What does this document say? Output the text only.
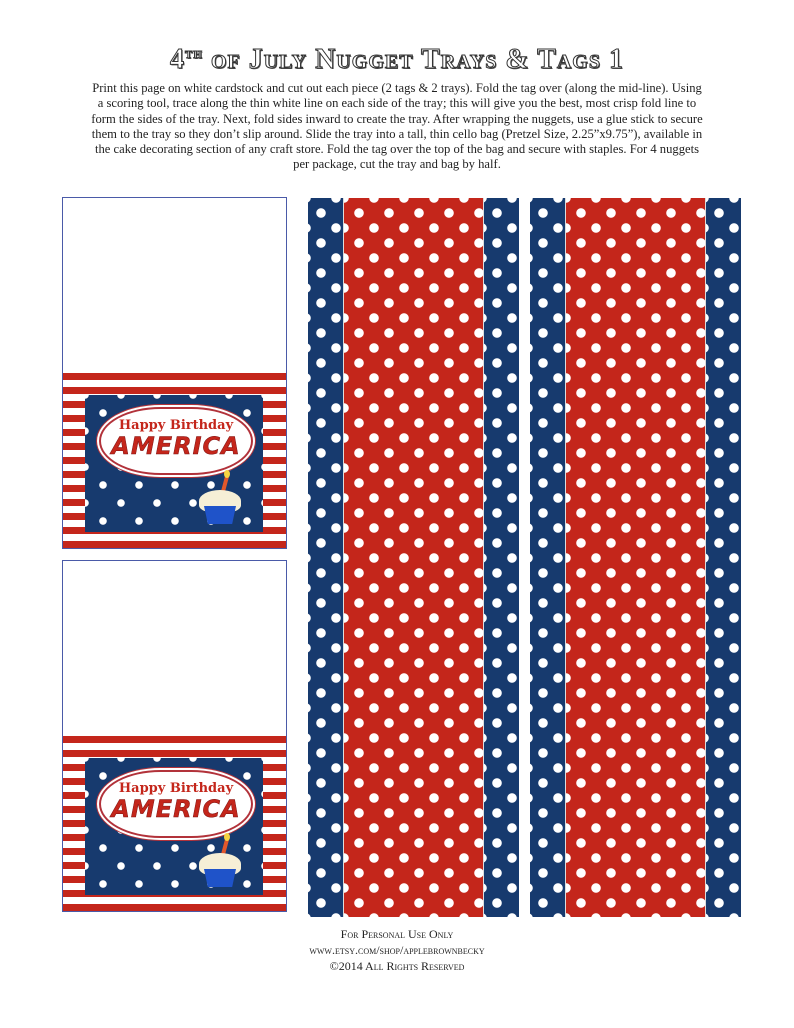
4th of July Nugget Trays & Tags 1
Print this page on white cardstock and cut out each piece (2 tags & 2 trays). Fold the tag over (along the mid-line). Using a scoring tool, trace along the thin white line on each side of the tray; this will give you the best, most crisp fold line to form the sides of the tray. Next, fold sides inward to create the tray. After wrapping the nuggets, use a glue stick to secure them to the tray so they don’t slip around. Slide the tray into a tall, thin cello bag (Pretzel Size, 2.25”x9.75”), available in the cake decorating section of any craft store. Fold the tag over the top of the bag and secure with staples. For 4 nuggets per package, cut the tray and bag by half.
Happy Birthday
AMERICA
Happy Birthday
AMERICA
For Personal Use Only
www.etsy.com/shop/applebrownbecky
©2014 All Rights Reserved
